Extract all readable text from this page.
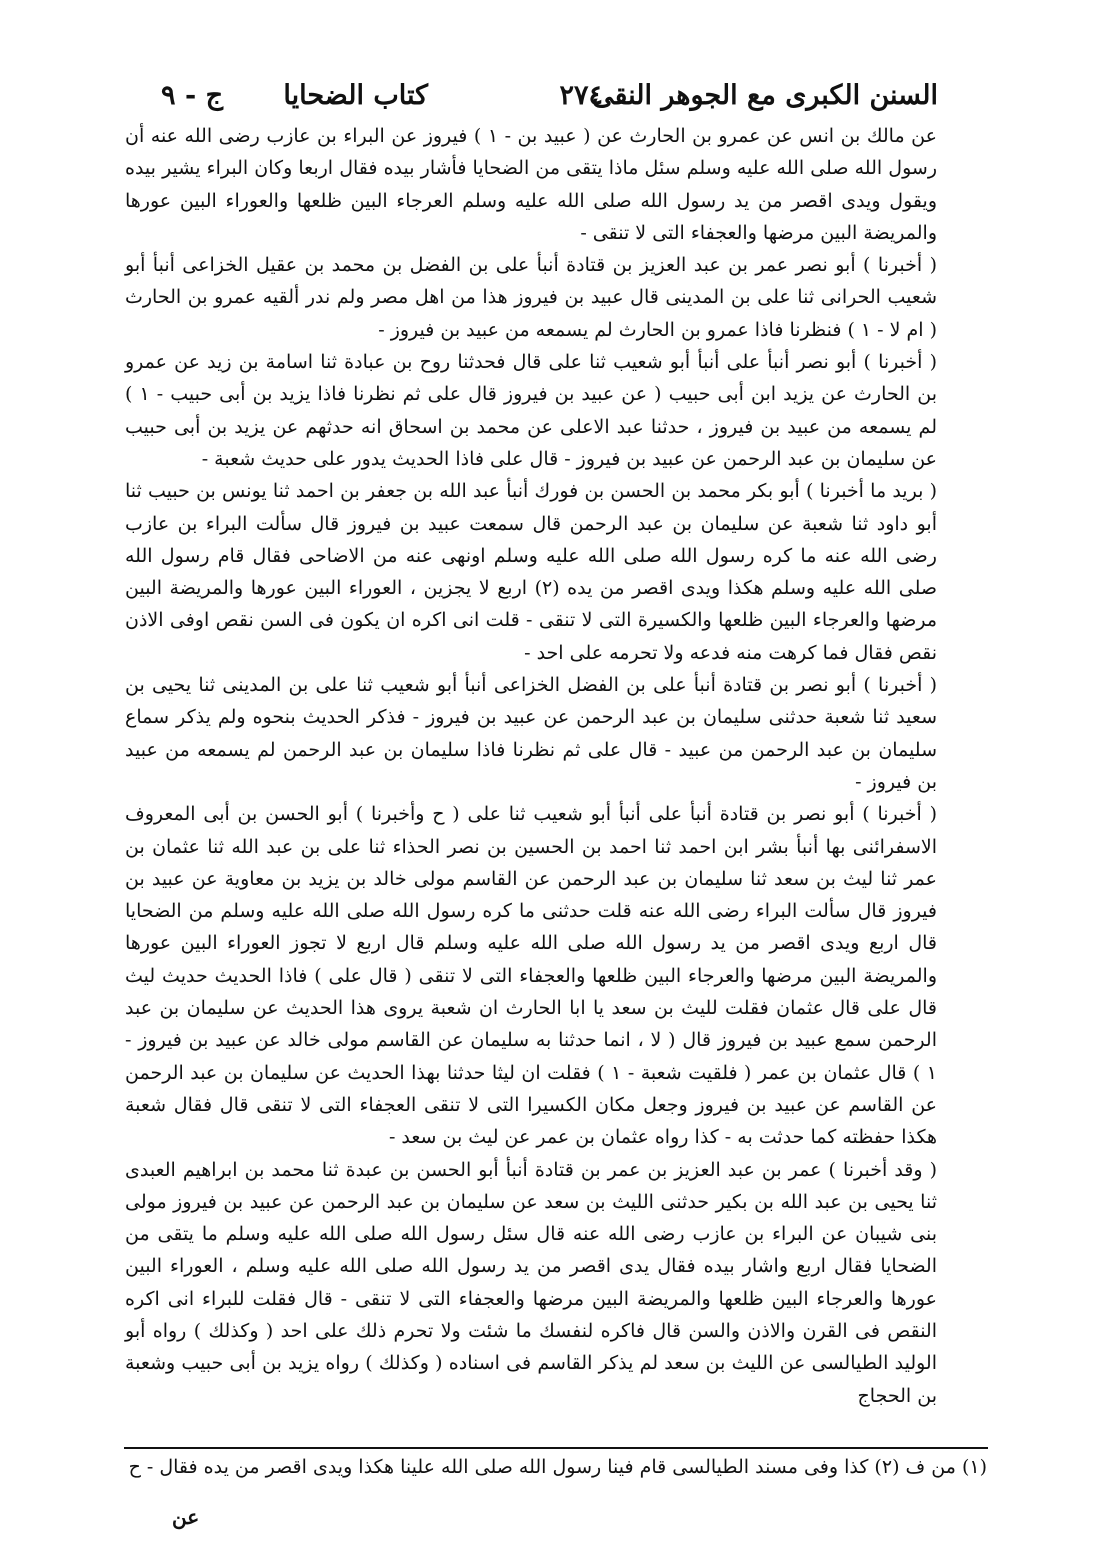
السنن الكبرى مع الجوهر النقى
٢٧٤
كتاب الضحايا
ج - ٩

عن مالك بن انس عن عمرو بن الحارث عن ( عبيد بن - ١ ) فيروز عن البراء بن عازب رضى الله عنه أن رسول الله صلى الله عليه وسلم سئل ماذا يتقى من الضحايا فأشار بيده فقال اربعا وكان البراء يشير بيده ويقول ويدى اقصر من يد رسول الله صلى الله عليه وسلم العرجاء البين ظلعها والعوراء البين عورها والمريضة البين مرضها والعجفاء التى لا تنقى -

( أخبرنا ) أبو نصر عمر بن عبد العزيز بن قتادة أنبأ على بن الفضل بن محمد بن عقيل الخزاعى أنبأ أبو شعيب الحرانى ثنا على بن المدينى قال عبيد بن فيروز هذا من اهل مصر ولم ندر ألقيه عمرو بن الحارث ( ام لا - ١ ) فنظرنا فاذا عمرو بن الحارث لم يسمعه من عبيد بن فيروز -

( أخبرنا ) أبو نصر أنبأ على أنبأ أبو شعيب ثنا على قال فحدثنا روح بن عبادة ثنا اسامة بن زيد عن عمرو بن الحارث عن يزيد ابن أبى حبيب ( عن عبيد بن فيروز قال على ثم نظرنا فاذا يزيد بن أبى حبيب - ١ ) لم يسمعه من عبيد بن فيروز ، حدثنا عبد الاعلى عن محمد بن اسحاق انه حدثهم عن يزيد بن أبى حبيب عن سليمان بن عبد الرحمن عن عبيد بن فيروز - قال على فاذا الحديث يدور على حديث شعبة -

( بريد ما أخبرنا ) أبو بكر محمد بن الحسن بن فورك أنبأ عبد الله بن جعفر بن احمد ثنا يونس بن حبيب ثنا أبو داود ثنا شعبة عن سليمان بن عبد الرحمن قال سمعت عبيد بن فيروز قال سألت البراء بن عازب رضى الله عنه ما كره رسول الله صلى الله عليه وسلم اونهى عنه من الاضاحى فقال قام رسول الله صلى الله عليه وسلم هكذا ويدى اقصر من يده (٢) اربع لا يجزين ، العوراء البين عورها والمريضة البين مرضها والعرجاء البين ظلعها والكسيرة التى لا تنقى - قلت انى اكره ان يكون فى السن نقص اوفى الاذن نقص فقال فما كرهت منه فدعه ولا تحرمه على احد -

( أخبرنا ) أبو نصر بن قتادة أنبأ على بن الفضل الخزاعى أنبأ أبو شعيب ثنا على بن المدينى ثنا يحيى بن سعيد ثنا شعبة حدثنى سليمان بن عبد الرحمن عن عبيد بن فيروز - فذكر الحديث بنحوه ولم يذكر سماع سليمان بن عبد الرحمن من عبيد - قال على ثم نظرنا فاذا سليمان بن عبد الرحمن لم يسمعه من عبيد بن فيروز -

( أخبرنا ) أبو نصر بن قتادة أنبأ على أنبأ أبو شعيب ثنا على ( ح وأخبرنا ) أبو الحسن بن أبى المعروف الاسفرائنى بها أنبأ بشر ابن احمد ثنا احمد بن الحسين بن نصر الحذاء ثنا على بن عبد الله ثنا عثمان بن عمر ثنا ليث بن سعد ثنا سليمان بن عبد الرحمن عن القاسم مولى خالد بن يزيد بن معاوية عن عبيد بن فيروز قال سألت البراء رضى الله عنه قلت حدثنى ما كره رسول الله صلى الله عليه وسلم من الضحايا قال اربع ويدى اقصر من يد رسول الله صلى الله عليه وسلم قال اربع لا تجوز العوراء البين عورها والمريضة البين مرضها والعرجاء البين ظلعها والعجفاء التى لا تنقى ( قال على ) فاذا الحديث حديث ليث قال على قال عثمان فقلت لليث بن سعد يا ابا الحارث ان شعبة يروى هذا الحديث عن سليمان بن عبد الرحمن سمع عبيد بن فيروز قال ( لا ، انما حدثنا به سليمان عن القاسم مولى خالد عن عبيد بن فيروز - ١ ) قال عثمان بن عمر ( فلقيت شعبة - ١ ) فقلت ان ليثا حدثنا بهذا الحديث عن سليمان بن عبد الرحمن عن القاسم عن عبيد بن فيروز وجعل مكان الكسيرا التى لا تنقى العجفاء التى لا تنقى قال فقال شعبة هكذا حفظته كما حدثت به - كذا رواه عثمان بن عمر عن ليث بن سعد -

( وقد أخبرنا ) عمر بن عبد العزيز بن عمر بن قتادة أنبأ أبو الحسن بن عبدة ثنا محمد بن ابراهيم العبدى ثنا يحيى بن عبد الله بن بكير حدثنى الليث بن سعد عن سليمان بن عبد الرحمن عن عبيد بن فيروز مولى بنى شيبان عن البراء بن عازب رضى الله عنه قال سئل رسول الله صلى الله عليه وسلم ما يتقى من الضحايا فقال اربع واشار بيده فقال يدى اقصر من يد رسول الله صلى الله عليه وسلم ، العوراء البين عورها والعرجاء البين ظلعها والمريضة البين مرضها والعجفاء التى لا تنقى - قال فقلت للبراء انى اكره النقص فى القرن والاذن والسن قال فاكره لنفسك ما شئت ولا تحرم ذلك على احد ( وكذلك ) رواه أبو الوليد الطيالسى عن الليث بن سعد لم يذكر القاسم فى اسناده ( وكذلك ) رواه يزيد بن أبى حبيب وشعبة بن الحجاج

(١) من ف (٢) كذا وفى مسند الطيالسى قام فينا رسول الله صلى الله علينا هكذا ويدى اقصر من يده فقال - ح
عن
